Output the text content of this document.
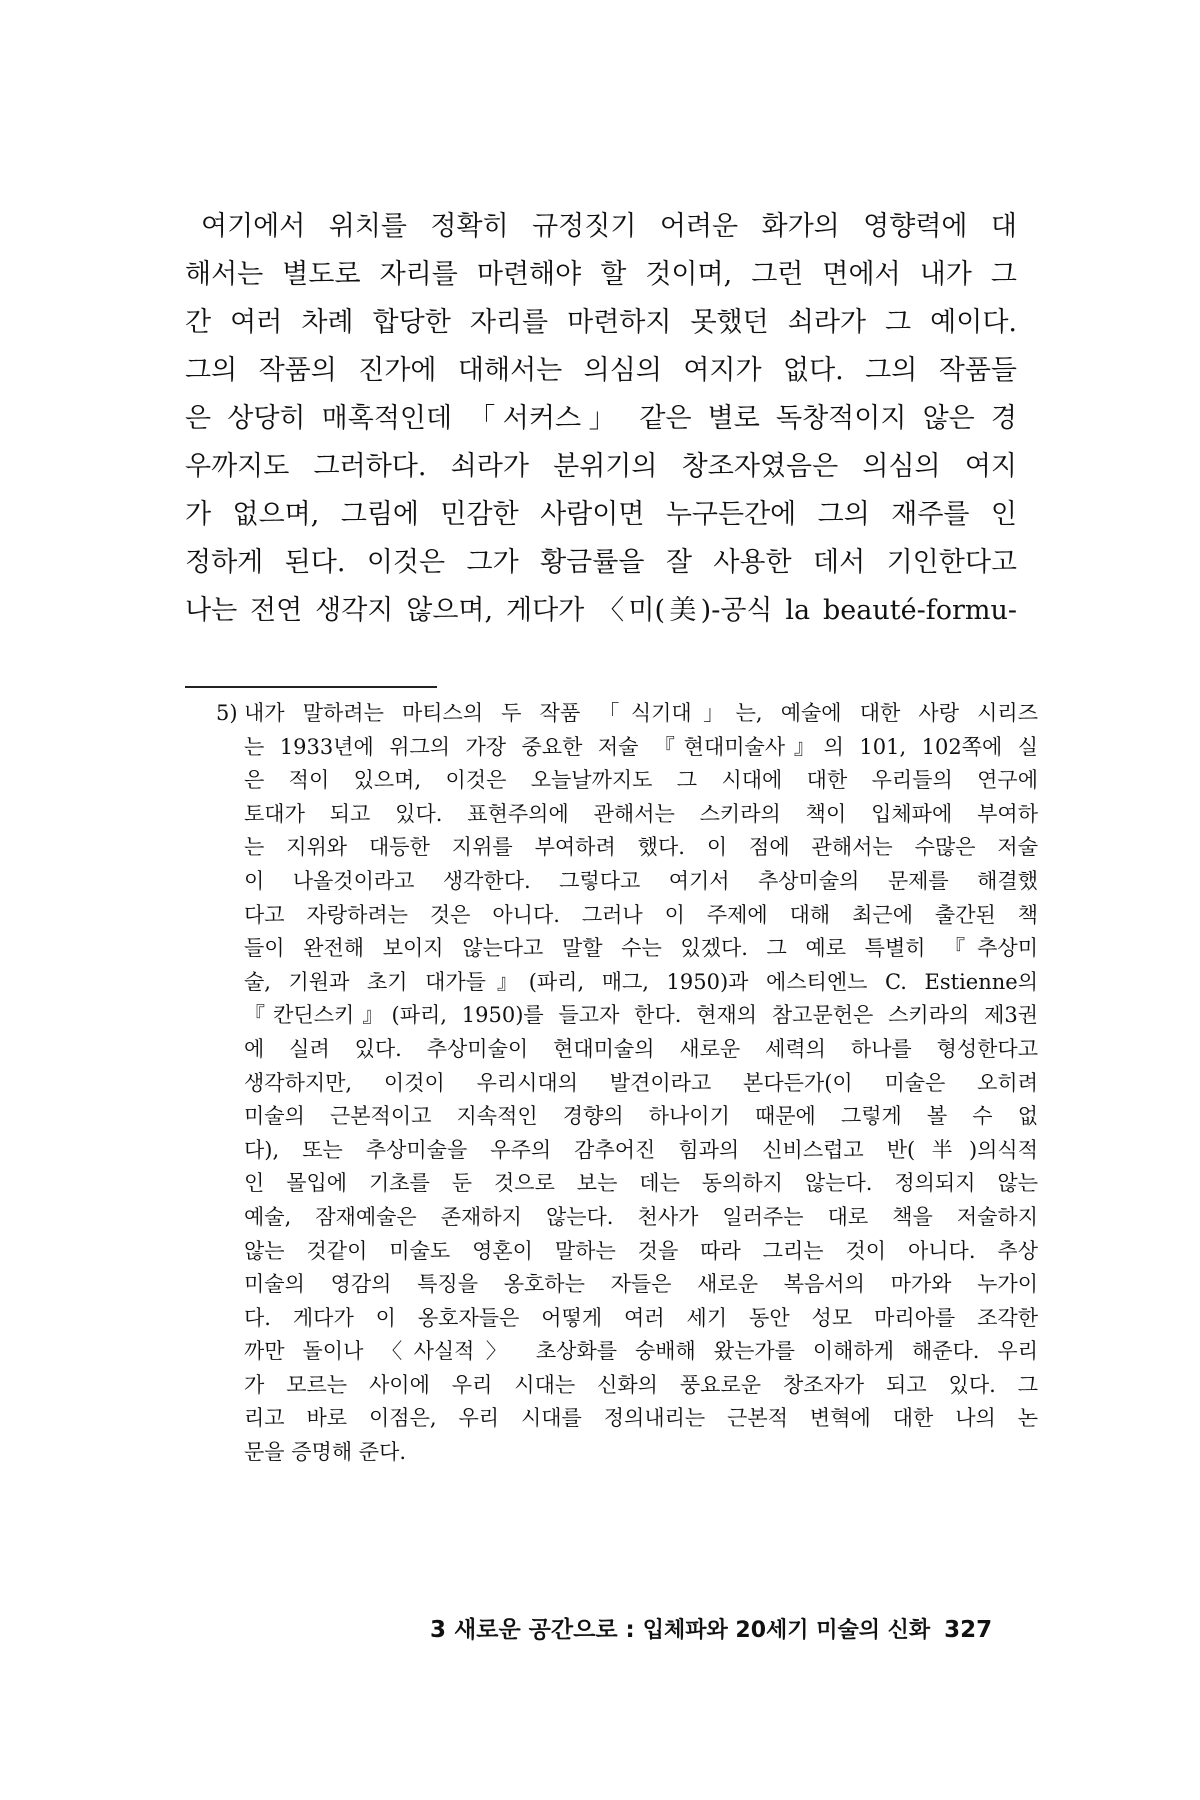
여기에서 위치를 정확히 규정짓기 어려운 화가의 영향력에 대
해서는 별도로 자리를 마련해야 할 것이며, 그런 면에서 내가 그
간 여러 차례 합당한 자리를 마련하지 못했던 쇠라가 그 예이다.
그의 작품의 진가에 대해서는 의심의 여지가 없다. 그의 작품들
은 상당히 매혹적인데 「서커스」 같은 별로 독창적이지 않은 경
우까지도 그러하다. 쇠라가 분위기의 창조자였음은 의심의 여지
가 없으며, 그림에 민감한 사람이면 누구든간에 그의 재주를 인
정하게 된다. 이것은 그가 황금률을 잘 사용한 데서 기인한다고
나는 전연 생각지 않으며, 게다가 〈미(美)-공식 la beauté-formu-
5) 내가 말하려는 마티스의 두 작품 「식기대」는, 예술에 대한 사랑 시리즈
는 1933년에 위그의 가장 중요한 저술 『현대미술사』의 101, 102쪽에 실
은 적이 있으며, 이것은 오늘날까지도 그 시대에 대한 우리들의 연구에
토대가 되고 있다. 표현주의에 관해서는 스키라의 책이 입체파에 부여하
는 지위와 대등한 지위를 부여하려 했다. 이 점에 관해서는 수많은 저술
이 나올것이라고 생각한다. 그렇다고 여기서 추상미술의 문제를 해결했
다고 자랑하려는 것은 아니다. 그러나 이 주제에 대해 최근에 출간된 책
들이 완전해 보이지 않는다고 말할 수는 있겠다. 그 예로 특별히 『추상미
술, 기원과 초기 대가들』(파리, 매그, 1950)과 에스티엔느 C. Estienne의
『칸딘스키』(파리, 1950)를 들고자 한다. 현재의 참고문헌은 스키라의 제3권
에 실려 있다. 추상미술이 현대미술의 새로운 세력의 하나를 형성한다고
생각하지만, 이것이 우리시대의 발견이라고 본다든가(이 미술은 오히려
미술의 근본적이고 지속적인 경향의 하나이기 때문에 그렇게 볼 수 없
다), 또는 추상미술을 우주의 감추어진 힘과의 신비스럽고 반(半)의식적
인 몰입에 기초를 둔 것으로 보는 데는 동의하지 않는다. 정의되지 않는
예술, 잠재예술은 존재하지 않는다. 천사가 일러주는 대로 책을 저술하지
않는 것같이 미술도 영혼이 말하는 것을 따라 그리는 것이 아니다. 추상
미술의 영감의 특징을 옹호하는 자들은 새로운 복음서의 마가와 누가이
다. 게다가 이 옹호자들은 어떻게 여러 세기 동안 성모 마리아를 조각한
까만 돌이나 〈사실적〉 초상화를 숭배해 왔는가를 이해하게 해준다. 우리
가 모르는 사이에 우리 시대는 신화의 풍요로운 창조자가 되고 있다. 그
리고 바로 이점은, 우리 시대를 정의내리는 근본적 변혁에 대한 나의 논
문을 증명해 준다.
3 새로운 공간으로 : 입체파와 20세기 미술의 신화 327
